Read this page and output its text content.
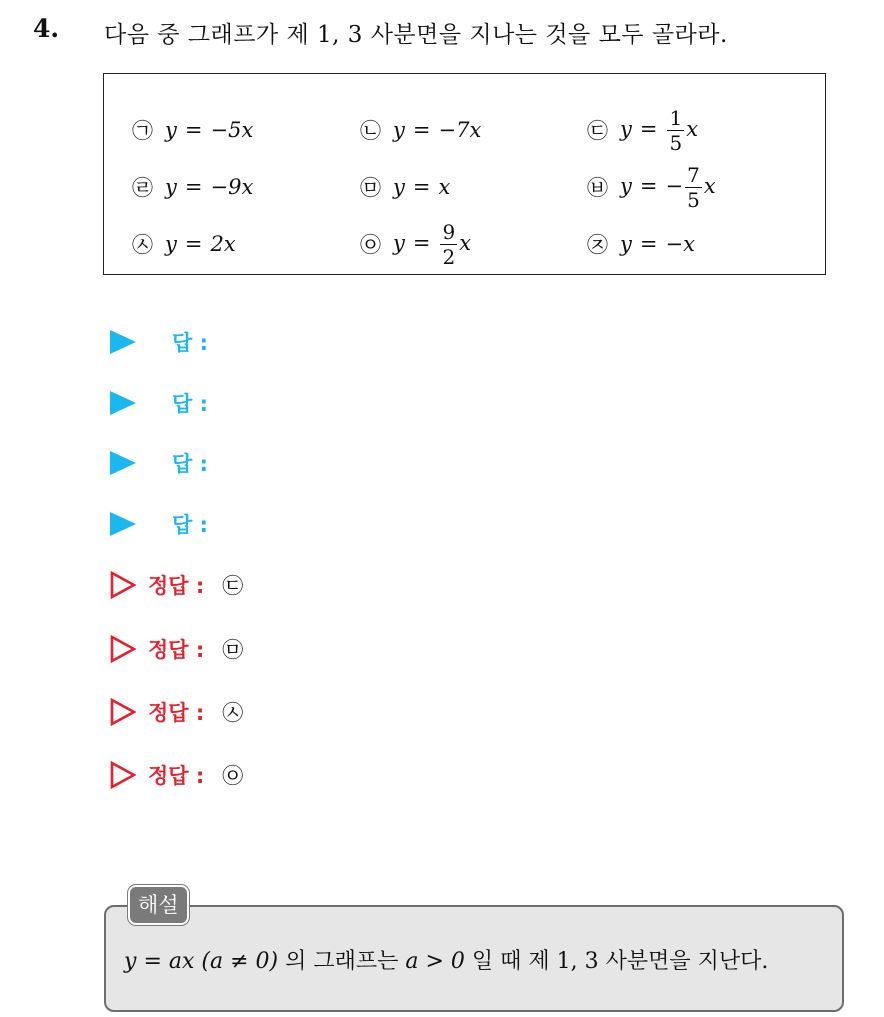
4. 다음 중 그래프가 제 1, 3 사분면을 지나는 것을 모두 골라라.
㉠ y = −5x	㉡ y = −7x	㉢ $y = \frac{1}{5}$ x
㉣ y = −9x	㉤ y = x	㉥ y = − $\frac{7}{5}$ x
㉦ y = 2x	㉧ $y = \frac{9}{2}$ x	㉨ y = −x
답 :
답 :
답 :
답 :
정답 : ㉢
정답 : ㉤
정답 : ㉦
정답 : ㉧
해설
y = ax (a ≠ 0) 의 그래프는 a > 0 일 때 제 1, 3 사분면을 지난다.
